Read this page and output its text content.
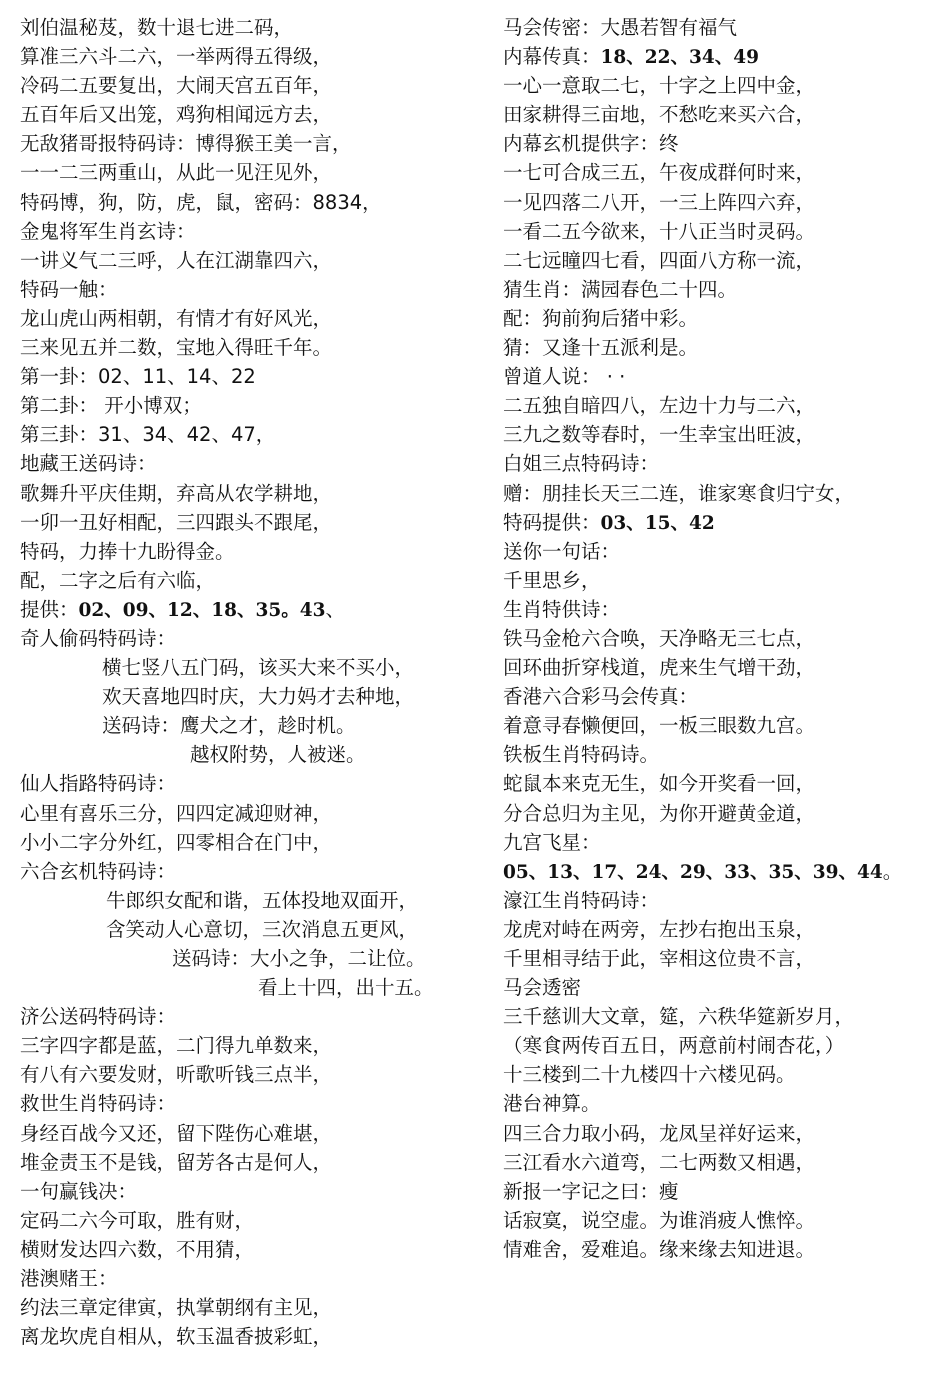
刘伯温秘芨，数十退七进二码，
算准三六斗二六，一举两得五得级，
冷码二五要复出，大闹天宫五百年，
五百年后又出笼，鸡狗相闻远方去，
无敌猪哥报特码诗：博得猴王美一言，
一一二三两重山，从此一见汪见外，
特码博，狗，防，虎，鼠，密码：8834，
金鬼将军生肖玄诗：
一讲义气二三呼，人在江湖靠四六，
特码一触：
龙山虎山两相朝，有情才有好风光，
三来见五并二数，宝地入得旺千年。
第一卦：02、11、14、22
第二卦： 开小博双；
第三卦：31、34、42、47，
地藏王送码诗：
歌舞升平庆佳期，弃高从农学耕地，
一卯一丑好相配，三四跟头不跟尾，
特码，力捧十九盼得金。
配，二字之后有六临，
提供：02、09、12、18、35。43、
奇人偷码特码诗：
横七竖八五门码，该买大来不买小，
欢天喜地四时庆，大力妈才去种地，
送码诗：鹰犬之才，趁时机。
越权附势，人被迷。
仙人指路特码诗：
心里有喜乐三分，四四定减迎财神，
小小二字分外红，四零相合在门中，
六合玄机特码诗：
牛郎织女配和谐，五体投地双面开，
含笑动人心意切，三次消息五更风，
送码诗：大小之争，二让位。
看上十四，出十五。
济公送码特码诗：
三字四字都是蓝，二门得九单数来，
有八有六要发财，听歌听钱三点半，
救世生肖特码诗：
身经百战今又还，留下陛伤心难堪，
堆金责玉不是钱，留芳各古是何人，
一句赢钱决：
定码二六今可取，胜有财，
横财发达四六数，不用猜，
港澳赌王：
约法三章定律寅，执掌朝纲有主见，
离龙坎虎自相从，软玉温香披彩虹，
马会传密：大愚若智有福气
内幕传真：18、22、34、49
一心一意取二七，十字之上四中金，
田家耕得三亩地，不愁吃来买六合，
内幕玄机提供字：终
一七可合成三五，午夜成群何时来，
一见四落二八开，一三上阵四六弃，
一看二五今欲来，十八正当时灵码。
二七远瞳四七看，四面八方称一流，
猜生肖：满园春色二十四。
配：狗前狗后猪中彩。
猜：又逢十五派利是。
曾道人说： · ·
二五独自暗四八，左边十力与二六，
三九之数等春时，一生幸宝出旺波，
白姐三点特码诗：
赠：朋挂长天三二连，谁家寒食归宁女，
特码提供：03、15、42
送你一句话：
千里思乡，
生肖特供诗：
铁马金枪六合唤，天净略无三七点，
回环曲折穿栈道，虎来生气增干劲，
香港六合彩马会传真：
着意寻春懒便回，一板三眼数九宫。
铁板生肖特码诗。
蛇鼠本来克无生，如今开奖看一回，
分合总归为主见，为你开避黄金道，
九宫飞星：
05、13、17、24、29、33、35、39、44。
濠江生肖特码诗：
龙虎对峙在两旁，左抄右抱出玉泉，
千里相寻结于此，宰相这位贵不言，
马会透密
三千慈训大文章，筵，六秩华筵新岁月，
（寒食两传百五日，两意前村闹杏花，）
十三楼到二十九楼四十六楼见码。
港台神算。
四三合力取小码，龙凤呈祥好运来，
三江看水六道弯，二七两数又相遇，
新报一字记之曰：瘦
话寂寞，说空虚。为谁消疲人憔悴。
情难舍，爱难追。缘来缘去知进退。
